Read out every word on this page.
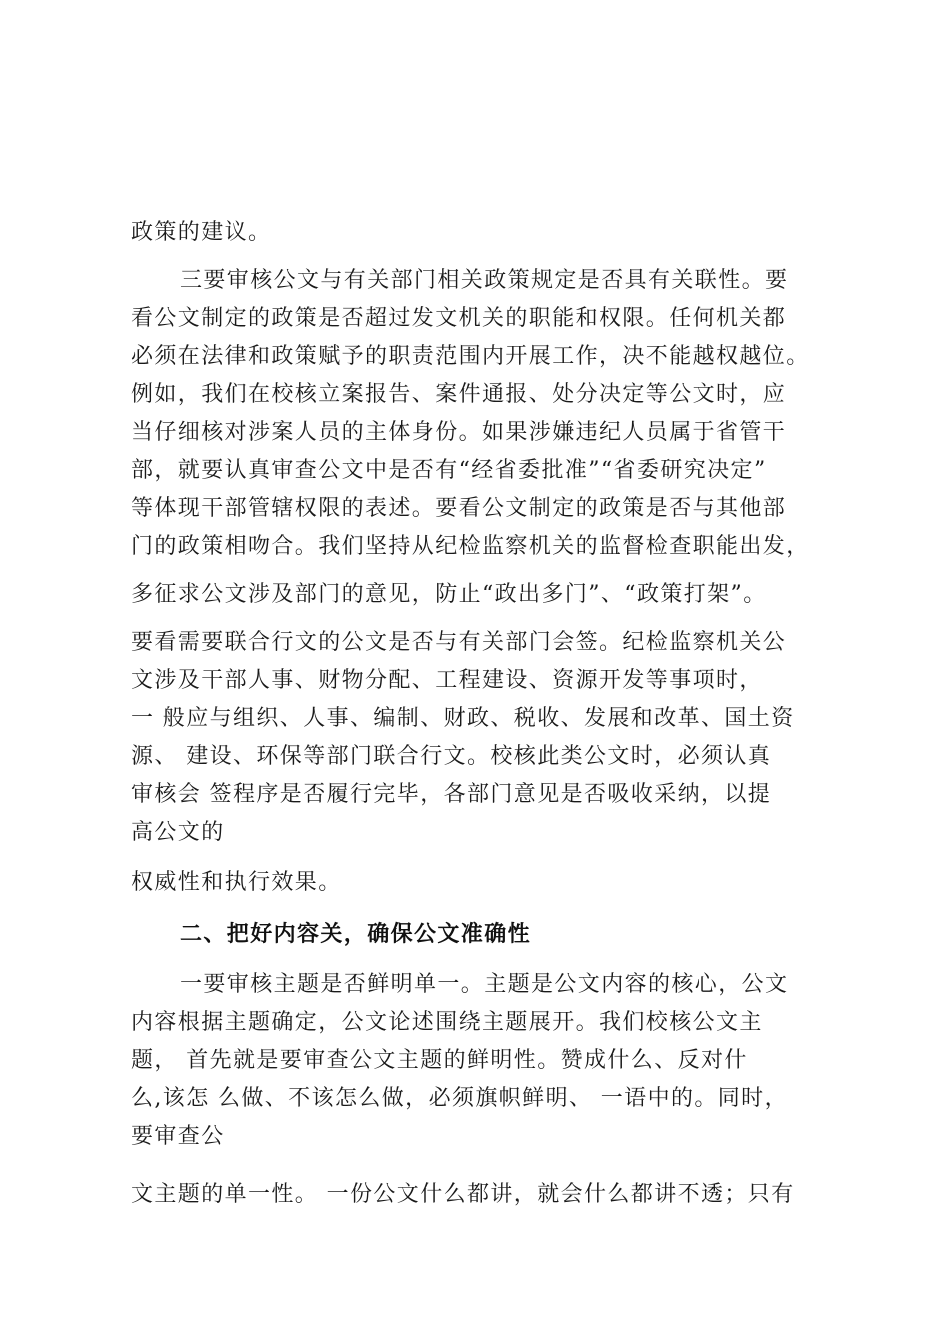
政策的建议。
三要审核公文与有关部门相关政策规定是否具有关联性。要
看公文制定的政策是否超过发文机关的职能和权限。任何机关都
必须在法律和政策赋予的职责范围内开展工作，决不能越权越位。
例如，我们在校核立案报告、案件通报、处分决定等公文时，应
当仔细核对涉案人员的主体身份。如果涉嫌违纪人员属于省管干
部，就要认真审查公文中是否有“经省委批准”“省委研究决定”
等体现干部管辖权限的表述。要看公文制定的政策是否与其他部
门的政策相吻合。我们坚持从纪检监察机关的监督检查职能出发，
多征求公文涉及部门的意见，防止“政出多门”、“政策打架”。
要看需要联合行文的公文是否与有关部门会签。纪检监察机关公
文涉及干部人事、财物分配、工程建设、资源开发等事项时，
一 般应与组织、人事、编制、财政、税收、发展和改革、国土资
源、 建设、环保等部门联合行文。校核此类公文时，必须认真
审核会 签程序是否履行完毕，各部门意见是否吸收采纳，以提
高公文的
权威性和执行效果。
二、把好内容关，确保公文准确性
一要审核主题是否鲜明单一。主题是公文内容的核心，公文
内容根据主题确定，公文论述围绕主题展开。我们校核公文主
题， 首先就是要审查公文主题的鲜明性。赞成什么、反对什
么,该怎 么做、不该怎么做，必须旗帜鲜明、 一语中的。同时，
要审查公
文主题的单一性。 一份公文什么都讲，就会什么都讲不透；只有
